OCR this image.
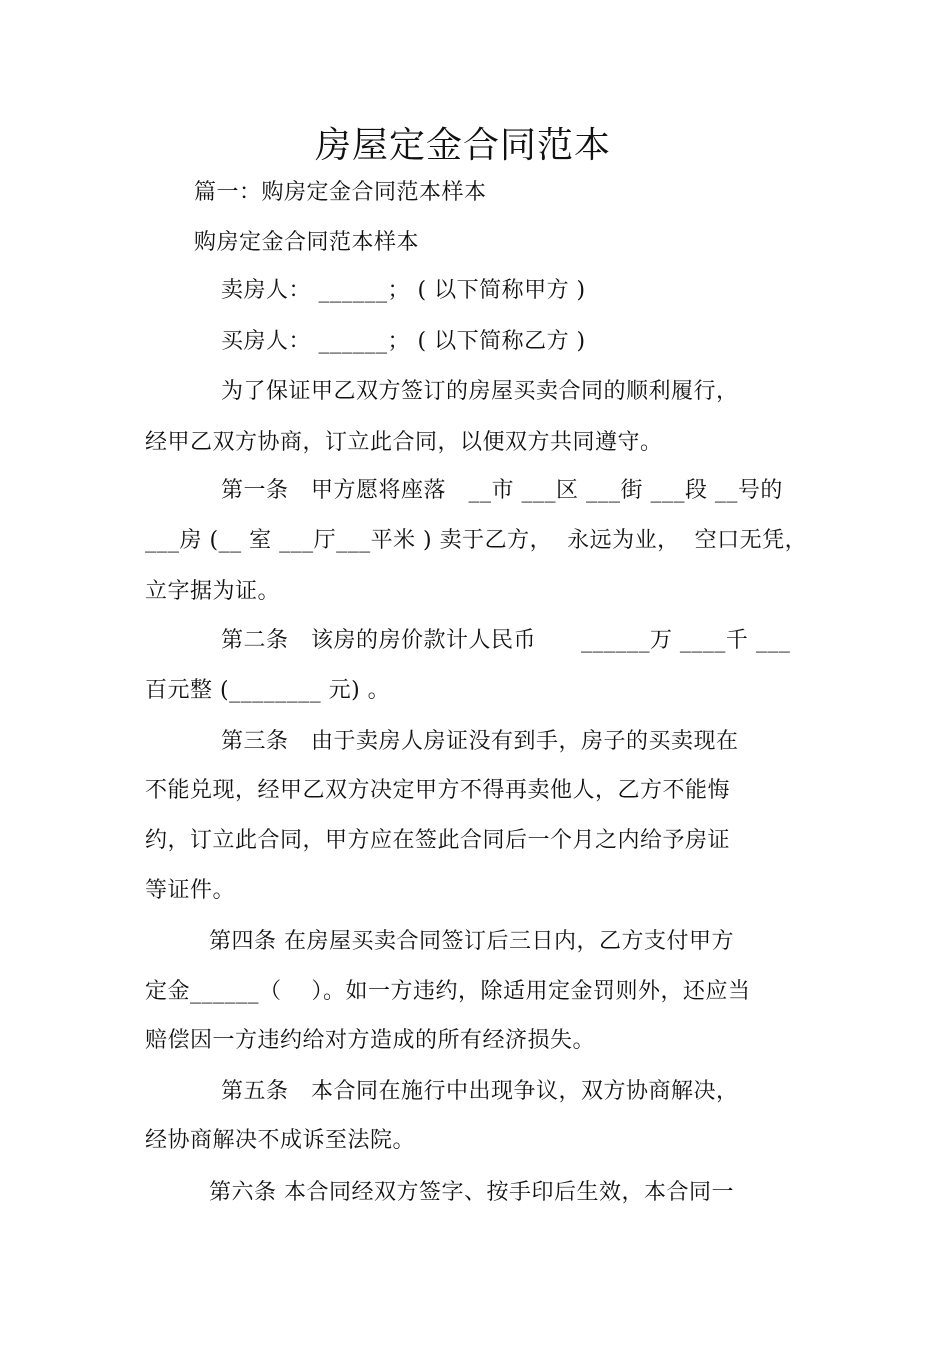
房屋定金合同范本
篇一：购房定金合同范本样本
购房定金合同范本样本
卖房人： ______； ( 以下简称甲方 )
买房人： ______； ( 以下简称乙方 )
为了保证甲乙双方签订的房屋买卖合同的顺利履行，
经甲乙双方协商，订立此合同，以便双方共同遵守。
第一条   甲方愿将座落   __市 ___区 ___街 ___段 __号的
___房 (__ 室 ___厅___平米 ) 卖于乙方，  永远为业，  空口无凭，
立字据为证。
第二条   该房的房价款计人民币      ______万 ____千 ___
百元整 (________ 元) 。
第三条   由于卖房人房证没有到手，房子的买卖现在
不能兑现，经甲乙双方决定甲方不得再卖他人，乙方不能悔
约，订立此合同，甲方应在签此合同后一个月之内给予房证
等证件。
第四条 在房屋买卖合同签订后三日内，乙方支付甲方
定金______（    ）。如一方违约，除适用定金罚则外，还应当
赔偿因一方违约给对方造成的所有经济损失。
第五条   本合同在施行中出现争议，双方协商解决，
经协商解决不成诉至法院。
第六条 本合同经双方签字、按手印后生效，本合同一
